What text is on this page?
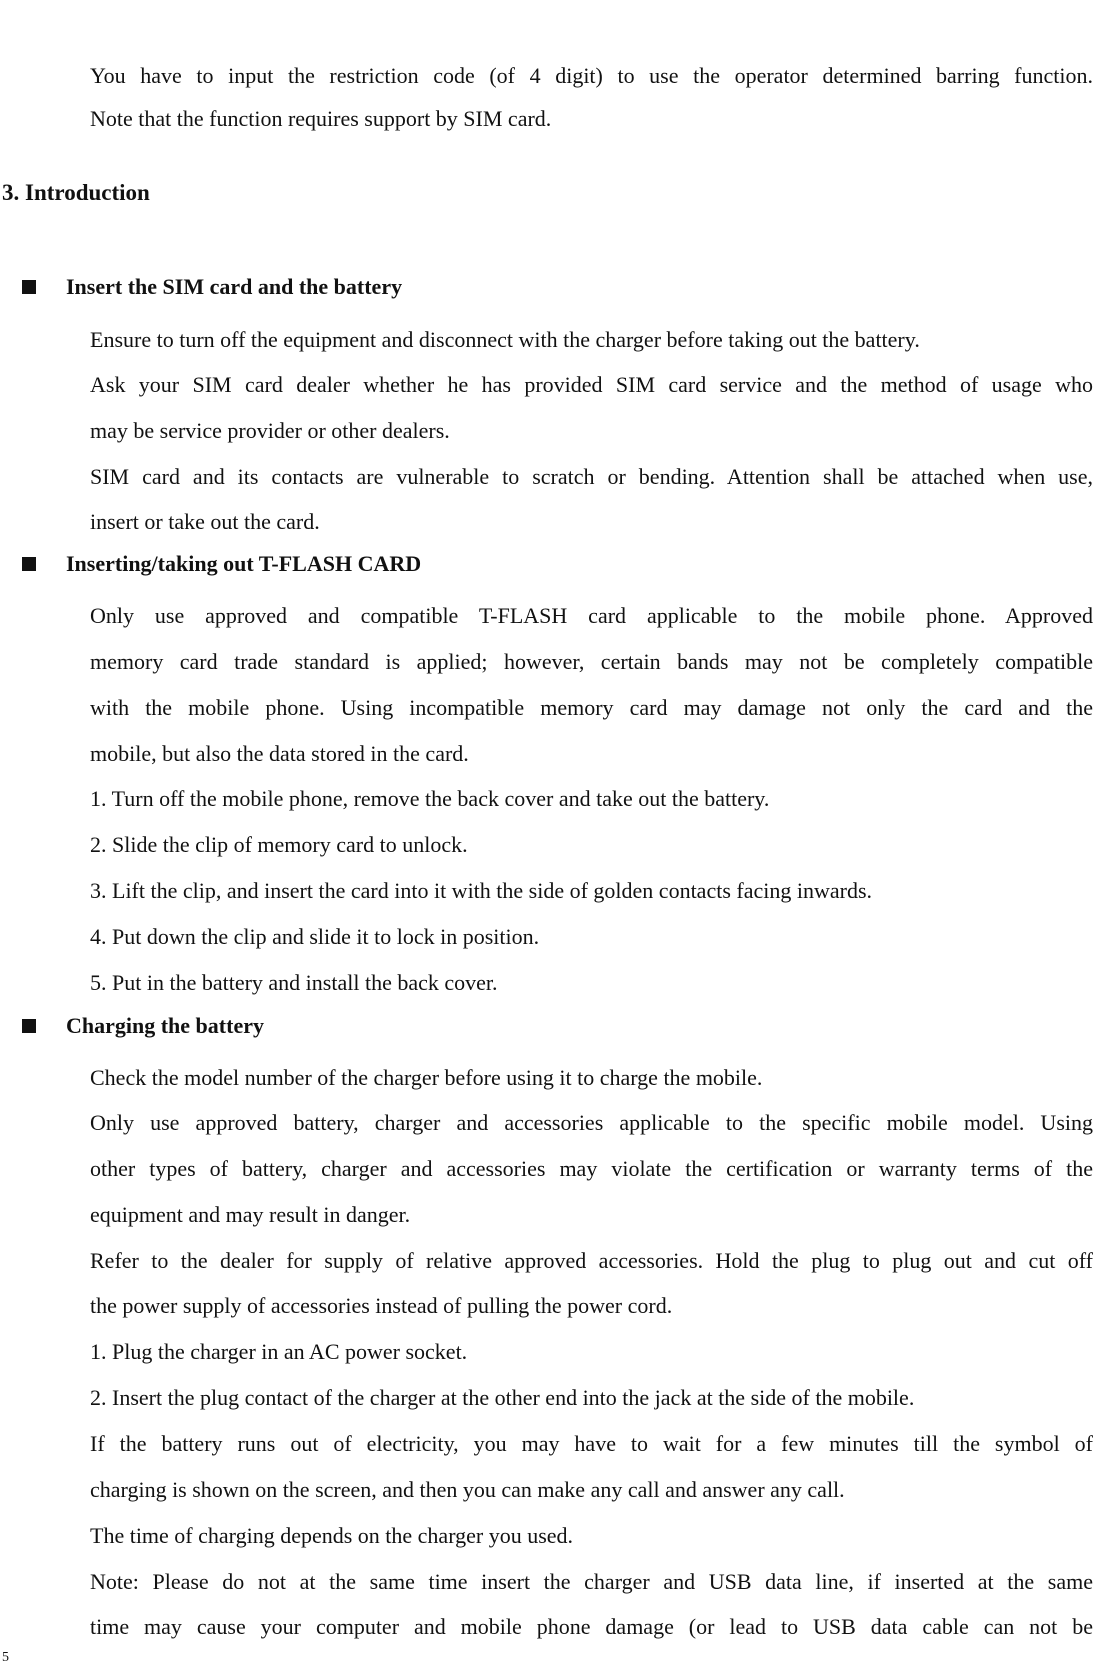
You have to input the restriction code (of 4 digit) to use the operator determined barring function.
Note that the function requires support by SIM card.
3. Introduction
Insert the SIM card and the battery
Ensure to turn off the equipment and disconnect with the charger before taking out the battery.
Ask your SIM card dealer whether he has provided SIM card service and the method of usage who
may be service provider or other dealers.
SIM card and its contacts are vulnerable to scratch or bending. Attention shall be attached when use,
insert or take out the card.
Inserting/taking out T-FLASH CARD
Only use approved and compatible T-FLASH card applicable to the mobile phone. Approved
memory card trade standard is applied; however, certain bands may not be completely compatible
with the mobile phone. Using incompatible memory card may damage not only the card and the
mobile, but also the data stored in the card.
1. Turn off the mobile phone, remove the back cover and take out the battery.
2. Slide the clip of memory card to unlock.
3. Lift the clip, and insert the card into it with the side of golden contacts facing inwards.
4. Put down the clip and slide it to lock in position.
5. Put in the battery and install the back cover.
Charging the battery
Check the model number of the charger before using it to charge the mobile.
Only use approved battery, charger and accessories applicable to the specific mobile model. Using
other types of battery, charger and accessories may violate the certification or warranty terms of the
equipment and may result in danger.
Refer to the dealer for supply of relative approved accessories. Hold the plug to plug out and cut off
the power supply of accessories instead of pulling the power cord.
1. Plug the charger in an AC power socket.
2. Insert the plug contact of the charger at the other end into the jack at the side of the mobile.
If the battery runs out of electricity, you may have to wait for a few minutes till the symbol of
charging is shown on the screen, and then you can make any call and answer any call.
The time of charging depends on the charger you used.
Note: Please do not at the same time insert the charger and USB data line, if inserted at the same
time may cause your computer and mobile phone damage (or lead to USB data cable can not be
5
